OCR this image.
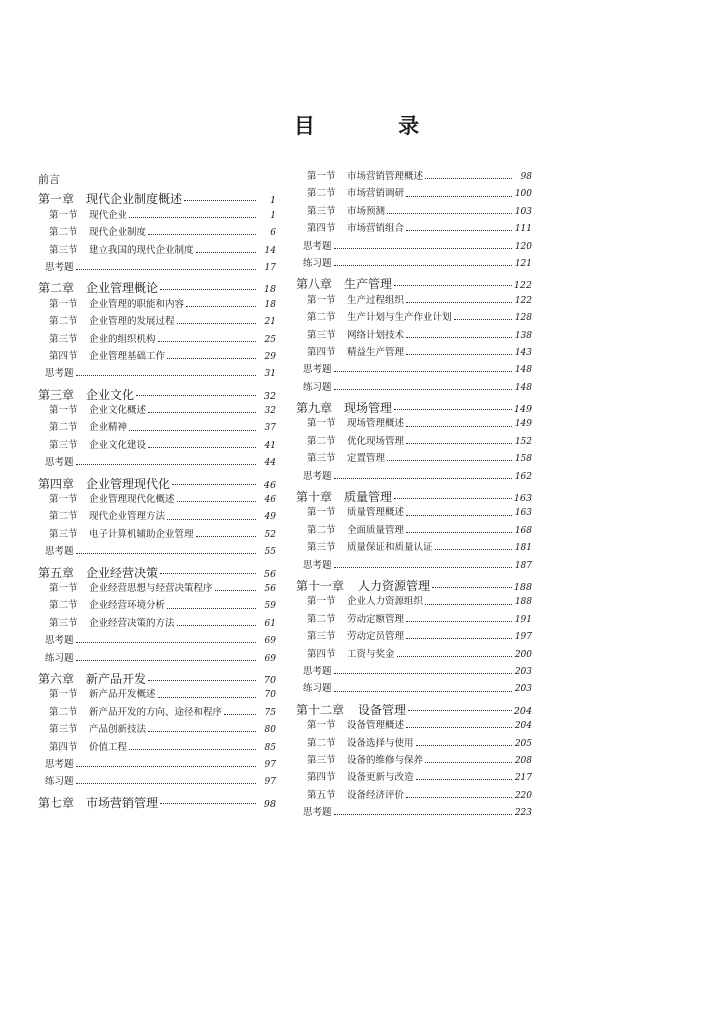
目 录
前言
第一章 现代企业制度概述	1
第一节	现代企业	1
第二节	现代企业制度	6
第三节	建立我国的现代企业制度	14
思考题	17
第二章 企业管理概论	18
第一节	企业管理的职能和内容	18
第二节	企业管理的发展过程	21
第三节	企业的组织机构	25
第四节	企业管理基础工作	29
思考题	31
第三章 企业文化	32
第一节	企业文化概述	32
第二节	企业精神	37
第三节	企业文化建设	41
思考题	44
第四章 企业管理现代化	46
第一节	企业管理现代化概述	46
第二节	现代企业管理方法	49
第三节	电子计算机辅助企业管理	52
思考题	55
第五章 企业经营决策	56
第一节	企业经营思想与经营决策程序	56
第二节	企业经营环境分析	59
第三节	企业经营决策的方法	61
思考题	69
练习题	69
第六章 新产品开发	70
第一节	新产品开发概述	70
第二节	新产品开发的方向、途径和程序	75
第三节	产品创新技法	80
第四节	价值工程	85
思考题	97
练习题	97
第七章 市场营销管理	98
第一节	市场营销管理概述	98
第二节	市场营销调研	100
第三节	市场预测	103
第四节	市场营销组合	111
思考题	120
练习题	121
第八章 生产管理	122
第一节	生产过程组织	122
第二节	生产计划与生产作业计划	128
第三节	网络计划技术	138
第四节	精益生产管理	143
思考题	148
练习题	148
第九章 现场管理	149
第一节	现场管理概述	149
第二节	优化现场管理	152
第三节	定置管理	158
思考题	162
第十章 质量管理	163
第一节	质量管理概述	163
第二节	全面质量管理	168
第三节	质量保证和质量认证	181
思考题	187
第十一章	人力资源管理	188
第一节	企业人力资源组织	188
第二节	劳动定额管理	191
第三节	劳动定员管理	197
第四节	工资与奖金	200
思考题	203
练习题	203
第十二章	设备管理	204
第一节	设备管理概述	204
第二节	设备选择与使用	205
第三节	设备的维修与保养	208
第四节	设备更新与改造	217
第五节	设备经济评价	220
思考题	223
